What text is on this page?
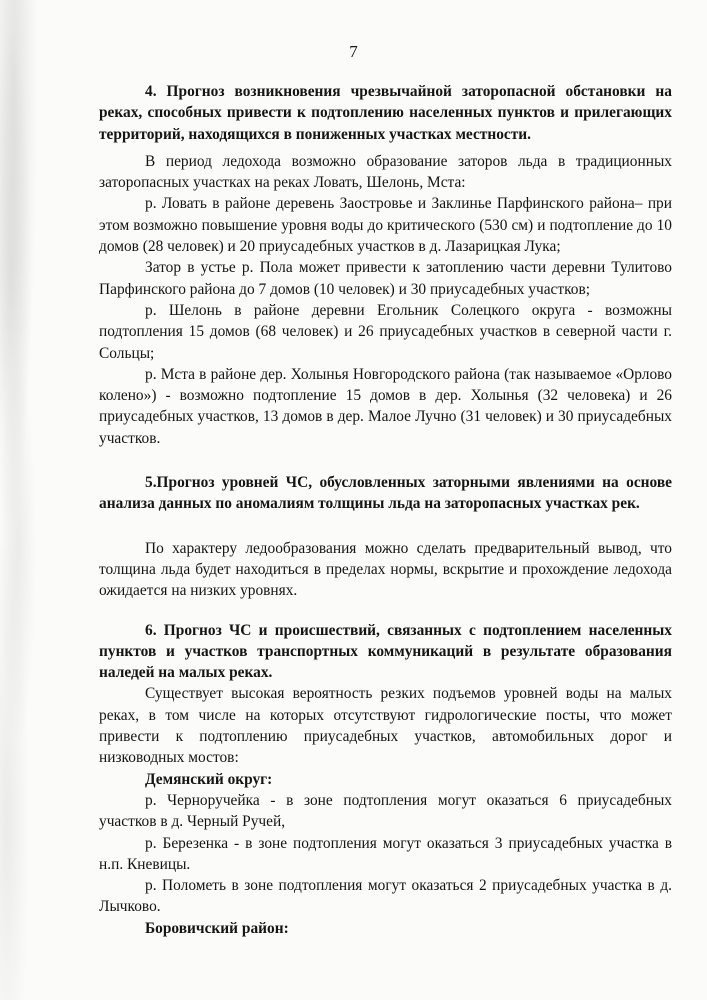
7

4. Прогноз возникновения чрезвычайной заторопасной обстановки на реках, способных привести к подтоплению населенных пунктов и прилегающих территорий, находящихся в пониженных участках местности.

В период ледохода возможно образование заторов льда в традиционных заторопасных участках на реках Ловать, Шелонь, Мста:

р. Ловать в районе деревень Заостровье и Заклинье Парфинского района– при этом возможно повышение уровня воды до критического (530 см) и подтопление до 10 домов (28 человек) и 20 приусадебных участков в д. Лазарицкая Лука;

Затор в устье р. Пола может привести к затоплению части деревни Тулитово Парфинского района до 7 домов (10 человек) и 30 приусадебных участков;

р. Шелонь в районе деревни Егольник Солецкого округа - возможны подтопления 15 домов (68 человек) и 26 приусадебных участков в северной части г. Сольцы;

р. Мста в районе дер. Холынья Новгородского района (так называемое «Орлово колено») - возможно подтопление 15 домов в дер. Холынья (32 человека) и 26 приусадебных участков, 13 домов в дер. Малое Лучно (31 человек) и 30 приусадебных участков.

5.Прогноз уровней ЧС, обусловленных заторными явлениями на основе анализа данных по аномалиям толщины льда на заторопасных участках рек.

По характеру ледообразования можно сделать предварительный вывод, что толщина льда будет находиться в пределах нормы, вскрытие и прохождение ледохода ожидается на низких уровнях.

6. Прогноз ЧС и происшествий, связанных с подтоплением населенных пунктов и участков транспортных коммуникаций в результате образования наледей на малых реках.

Существует высокая вероятность резких подъемов уровней воды на малых реках, в том числе на которых отсутствуют гидрологические посты, что может привести к подтоплению приусадебных участков, автомобильных дорог и низководных мостов:

Демянский округ:

р. Черноручейка - в зоне подтопления могут оказаться 6 приусадебных участков в д. Черный Ручей,

р. Березенка - в зоне подтопления могут оказаться 3 приусадебных участка в н.п. Кневицы.

р. Полометь в зоне подтопления могут оказаться 2 приусадебных участка в д. Лычково.

Боровичский район:
